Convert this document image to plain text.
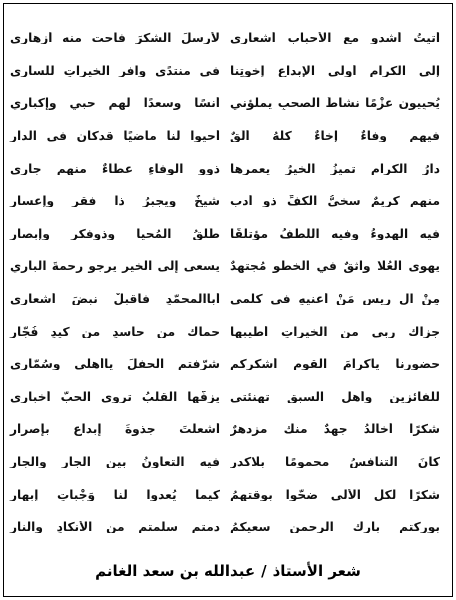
أتيتُ أشدو مع الأحبابِ أشعاري
لأرسلَ الشكرَ فاحت منه أزهاري
إلى الكرامِ أولي الإبداعِ إخوتِنا
في منتدًى وافرِ الخيراتِ للساري
يُحيِيون عزْمًا نشاطُ الصحبِ يملؤني
أُنسًا وسعدًا لهم حبي وإكباري
فيهم وفاءٌ إخاءٌ كلُّهُ ألَقٌ
أحيوا لنا ماضيًا قدكان في الدارِ
دارُ الكرامِ تميزُ الخيرُ يعمرها
ذوو الوفاءِ عطاءٌ منهم جاري
منهم كريمٌ سخيُّ الكفِّ ذو أدبٍ
شيخٌ ويجبرُ ذا فقرٍ وإعسارِ
فيه الهدوءُ وفيه اللطفُ مؤتلقًا
طَلْقُ المُحيا وذوفكرٍ وإبصارِ
يهوى العُلا واثقٌ في الخطوِ مُجتهدٌ
يسعى إلى الخيرِ يرجو رحمةَ الباري
مِنْ آلِ ريسٍ مَنْ أعنيهِ في كلمي
أباالمحمّدِ فاقبلْ نبضَ أشعاري
جزاك ربي من الخيراتِ أطيبها
حماك من حاسدٍ من كيدِ فُجّارِ
حضورنا ياكرامَ القومِ أشكركم
شرّفتم الحفلَ ياأهلي وسُمّاري
للفائزين وأهلِ السبقِ تهنئتي
يزفُّها القلبُ تروي الحبَّ أخباري
شكرًا أخالدُ جهدٌ منك مزدهرٌ
أشعلتَ جذوةَ إبداعٍ بإصرارِ
كانَ التنافسُ محمومًا بلاكدرٍ
فيه التعاونُ بين الجارِ والجارِ
شكرًا لكل الأُلى ضحّوا بوقتهمُ
كيما يُعدوا لنا وَجْباتِ إبهارِ
بوركتم بارك الرحمن سعيكمُ
دمتم سلمتم من الأنكادِ والنارِ
شعر الأستاذ/عبدالله بن سعد الغانم
